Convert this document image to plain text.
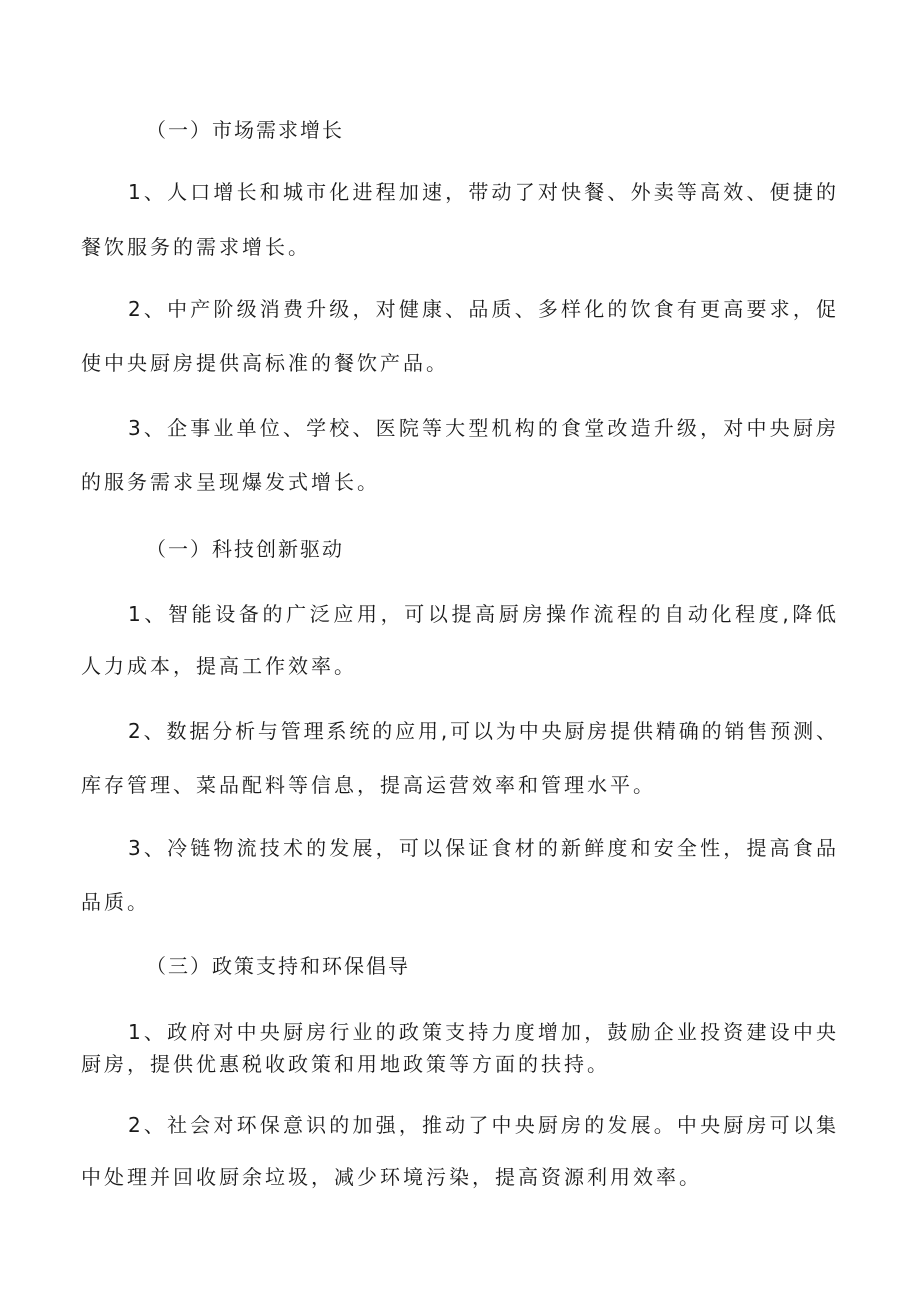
（一）市场需求增长
1、人口增长和城市化进程加速，带动了对快餐、外卖等高效、便捷的
餐饮服务的需求增长。
2、中产阶级消费升级，对健康、品质、多样化的饮食有更高要求，促
使中央厨房提供高标准的餐饮产品。
3、企事业单位、学校、医院等大型机构的食堂改造升级，对中央厨房
的服务需求呈现爆发式增长。
（一）科技创新驱动
1、智能设备的广泛应用，可以提高厨房操作流程的自动化程度,降低
人力成本，提高工作效率。
2、数据分析与管理系统的应用,可以为中央厨房提供精确的销售预测、
库存管理、菜品配料等信息，提高运营效率和管理水平。
3、冷链物流技术的发展，可以保证食材的新鲜度和安全性，提高食品
品质。
（三）政策支持和环保倡导
1、政府对中央厨房行业的政策支持力度增加，鼓励企业投资建设中央
厨房，提供优惠税收政策和用地政策等方面的扶持。
2、社会对环保意识的加强，推动了中央厨房的发展。中央厨房可以集
中处理并回收厨余垃圾，减少环境污染，提高资源利用效率。
